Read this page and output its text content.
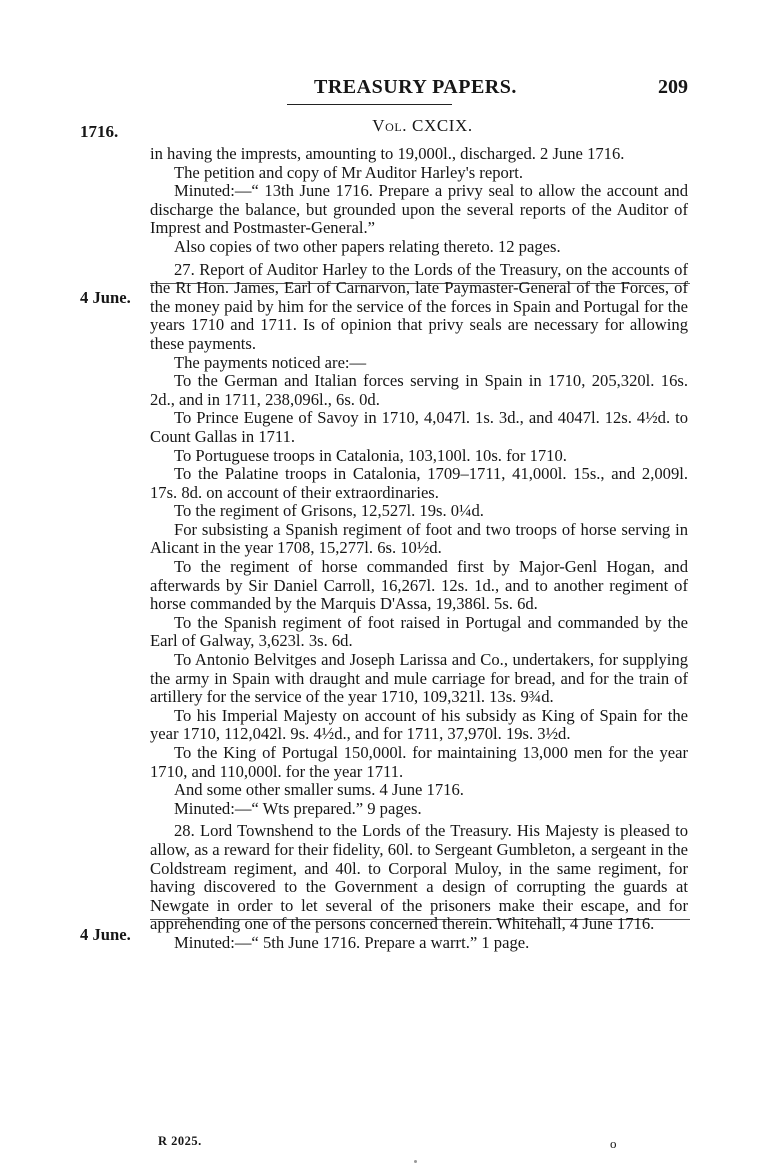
TREASURY PAPERS.	209
1716.	Vol. CXCIX.
4 June.
4 June.

in having the imprests, amounting to 19,000l., discharged. 2 June 1716.

The petition and copy of Mr Auditor Harley's report.

Minuted:—“ 13th June 1716. Prepare a privy seal to allow the account and discharge the balance, but grounded upon the several reports of the Auditor of Imprest and Postmaster-General.”

Also copies of two other papers relating thereto. 12 pages.

27. Report of Auditor Harley to the Lords of the Treasury, on the accounts of the Rt Hon. James, Earl of Carnarvon, late Paymaster-General of the Forces, of the money paid by him for the service of the forces in Spain and Portugal for the years 1710 and 1711. Is of opinion that privy seals are necessary for allowing these payments.

The payments noticed are:—

To the German and Italian forces serving in Spain in 1710, 205,320l. 16s. 2d., and in 1711, 238,096l., 6s. 0d.

To Prince Eugene of Savoy in 1710, 4,047l. 1s. 3d., and 4047l. 12s. 4½d. to Count Gallas in 1711.

To Portuguese troops in Catalonia, 103,100l. 10s. for 1710.

To the Palatine troops in Catalonia, 1709–1711, 41,000l. 15s., and 2,009l. 17s. 8d. on account of their extraordinaries.

To the regiment of Grisons, 12,527l. 19s. 0¼d.

For subsisting a Spanish regiment of foot and two troops of horse serving in Alicant in the year 1708, 15,277l. 6s. 10½d.

To the regiment of horse commanded first by Major-Genl Hogan, and afterwards by Sir Daniel Carroll, 16,267l. 12s. 1d., and to another regiment of horse commanded by the Marquis D'Assa, 19,386l. 5s. 6d.

To the Spanish regiment of foot raised in Portugal and commanded by the Earl of Galway, 3,623l. 3s. 6d.

To Antonio Belvitges and Joseph Larissa and Co., undertakers, for supplying the army in Spain with draught and mule carriage for bread, and for the train of artillery for the service of the year 1710, 109,321l. 13s. 9¾d.

To his Imperial Majesty on account of his subsidy as King of Spain for the year 1710, 112,042l. 9s. 4½d., and for 1711, 37,970l. 19s. 3½d.

To the King of Portugal 150,000l. for maintaining 13,000 men for the year 1710, and 110,000l. for the year 1711.

And some other smaller sums. 4 June 1716.

Minuted:—“ Wts prepared.” 9 pages.

28. Lord Townshend to the Lords of the Treasury. His Majesty is pleased to allow, as a reward for their fidelity, 60l. to Sergeant Gumbleton, a sergeant in the Coldstream regiment, and 40l. to Corporal Muloy, in the same regiment, for having discovered to the Government a design of corrupting the guards at Newgate in order to let several of the prisoners make their escape, and for apprehending one of the persons concerned therein. Whitehall, 4 June 1716.

Minuted:—“ 5th June 1716. Prepare a warrt.” 1 page.

R 2025.	o
